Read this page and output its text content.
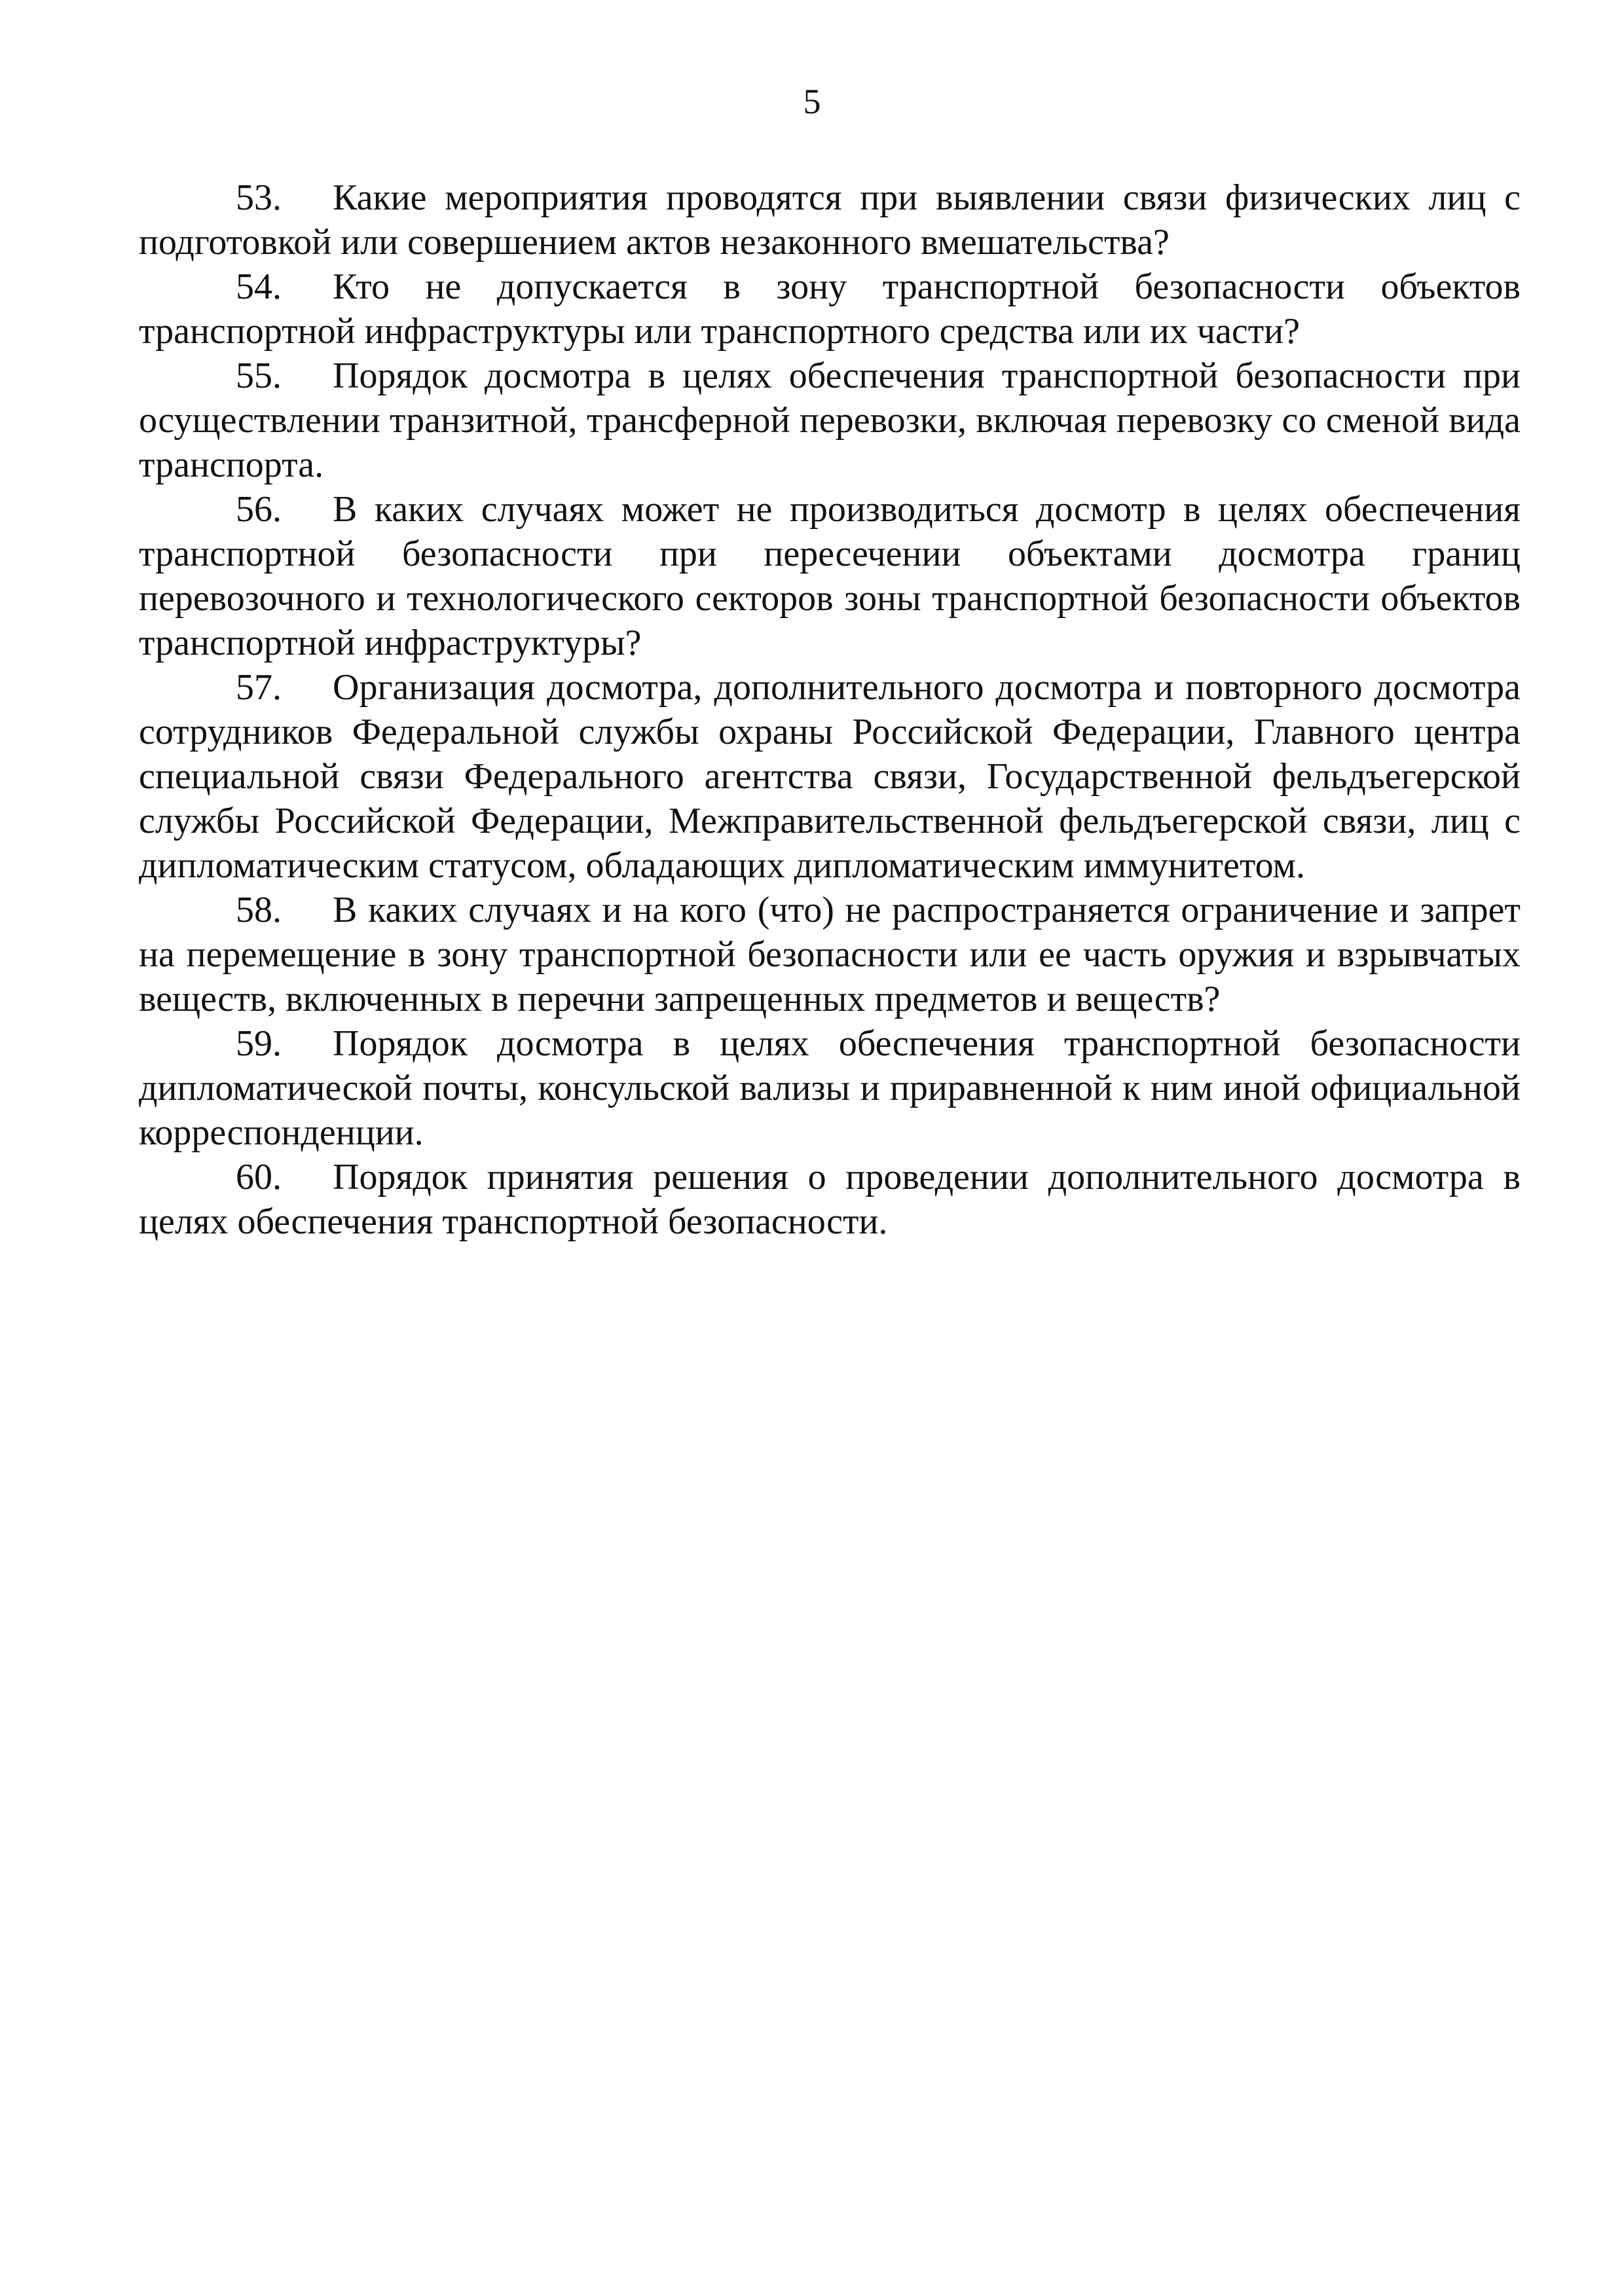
5

53. Какие мероприятия проводятся при выявлении связи физических лиц с подготовкой или совершением актов незаконного вмешательства?

54. Кто не допускается в зону транспортной безопасности объектов транспортной инфраструктуры или транспортного средства или их части?

55. Порядок досмотра в целях обеспечения транспортной безопасности при осуществлении транзитной, трансферной перевозки, включая перевозку со сменой вида транспорта.

56. В каких случаях может не производиться досмотр в целях обеспечения транспортной безопасности при пересечении объектами досмотра границ перевозочного и технологического секторов зоны транспортной безопасности объектов транспортной инфраструктуры?

57. Организация досмотра, дополнительного досмотра и повторного досмотра сотрудников Федеральной службы охраны Российской Федерации, Главного центра специальной связи Федерального агентства связи, Государственной фельдъегерской службы Российской Федерации, Межправительственной фельдъегерской связи, лиц с дипломатическим статусом, обладающих дипломатическим иммунитетом.

58. В каких случаях и на кого (что) не распространяется ограничение и запрет на перемещение в зону транспортной безопасности или ее часть оружия и взрывчатых веществ, включенных в перечни запрещенных предметов и веществ?

59. Порядок досмотра в целях обеспечения транспортной безопасности дипломатической почты, консульской вализы и приравненной к ним иной официальной корреспонденции.

60. Порядок принятия решения о проведении дополнительного досмотра в целях обеспечения транспортной безопасности.
